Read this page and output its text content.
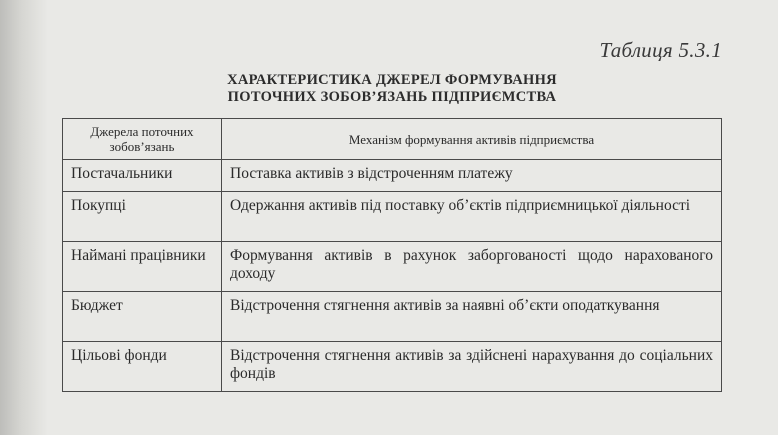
Таблиця 5.3.1
ХАРАКТЕРИСТИКА ДЖЕРЕЛ ФОРМУВАННЯ
ПОТОЧНИХ ЗОБОВ’ЯЗАНЬ ПІДПРИЄМСТВА
Джерела поточних зобов’язань	Механізм формування активів підприємства
Постачальники	Поставка активів з відстроченням платежу
Покупці	Одержання активів під поставку об’єктів підприємницької діяльності
Наймані працівники	Формування активів в рахунок заборгованості щодо нарахованого доходу
Бюджет	Відстрочення стягнення активів за наявні об’єкти оподаткування
Цільові фонди	Відстрочення стягнення активів за здійснені нарахування до соціальних фондів
